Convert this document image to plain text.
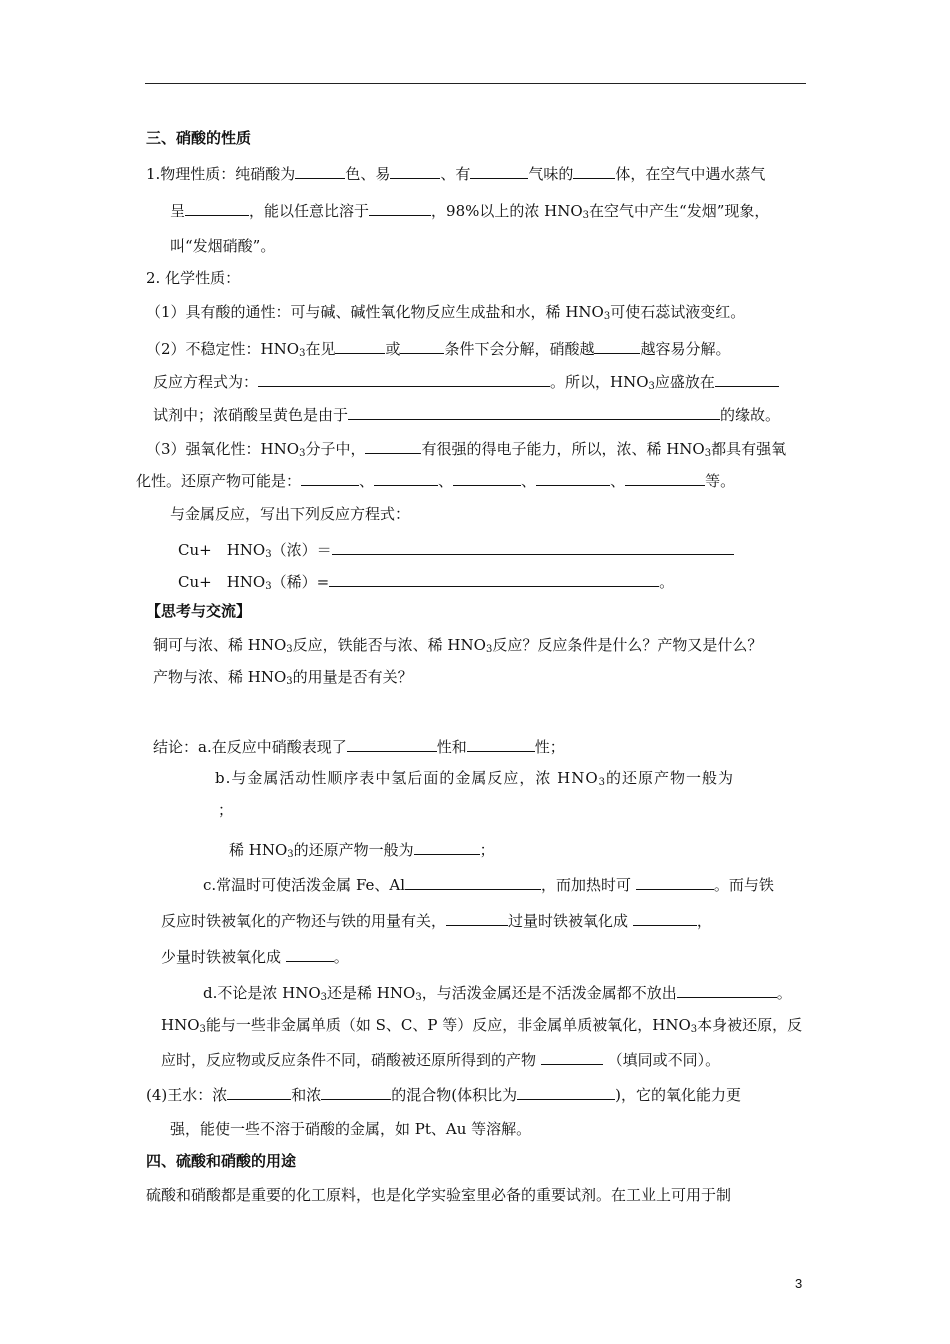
三、硝酸的性质
1.物理性质：纯硝酸为	色、易	、有	气味的	体，在空气中遇水蒸气
呈	，能以任意比溶于	，98%以上的浓 $HNO_3$在空气中产生“发烟”现象，
叫“发烟硝酸”。
2. 化学性质：
（1）具有酸的通性：可与碱、碱性氧化物反应生成盐和水，稀 $HNO_3$可使石蕊试液变红。
（2）不稳定性：$HNO_3$在见	或	条件下会分解，硝酸越	越容易分解。
反应方程式为：	。所以，$HNO_3$应盛放在
试剂中；浓硝酸呈黄色是由于	的缘故。
（3）强氧化性：$HNO_3$分子中，	有很强的得电子能力，所以，浓、稀 $HNO_3$都具有强氧
化性。还原产物可能是：	、	、	、	、	等。
与金属反应，写出下列反应方程式：
Cu+　$HNO_3$（浓）＝
Cu+　$HNO_3$（稀）=	。
【思考与交流】
铜可与浓、稀 $HNO_3$反应，铁能否与浓、稀 $HNO_3$反应？反应条件是什么？产物又是什么？
产物与浓、稀 $HNO_3$的用量是否有关？
结论：a.在反应中硝酸表现了	性和	性；
b.与金属活动性顺序表中氢后面的金属反应，浓 $HNO_3$的还原产物一般为
；
稀 $HNO_3$的还原产物一般为	；
c.常温时可使活泼金属 Fe、Al	，而加热时可	。而与铁
反应时铁被氧化的产物还与铁的用量有关，	过量时铁被氧化成	，
少量时铁被氧化成	。
d.不论是浓 $HNO_3$还是稀 $HNO_3$，与活泼金属还是不活泼金属都不放出	。
$HNO_3$能与一些非金属单质（如 S、C、P 等）反应，非金属单质被氧化，$HNO_3$本身被还原，反
应时，反应物或反应条件不同，硝酸被还原所得到的产物	（填同或不同）。
(4)王水：浓	和浓	的混合物(体积比为	)，它的氧化能力更
强，能使一些不溶于硝酸的金属，如 Pt、Au 等溶解。
四、硫酸和硝酸的用途
硫酸和硝酸都是重要的化工原料，也是化学实验室里必备的重要试剂。在工业上可用于制
3
